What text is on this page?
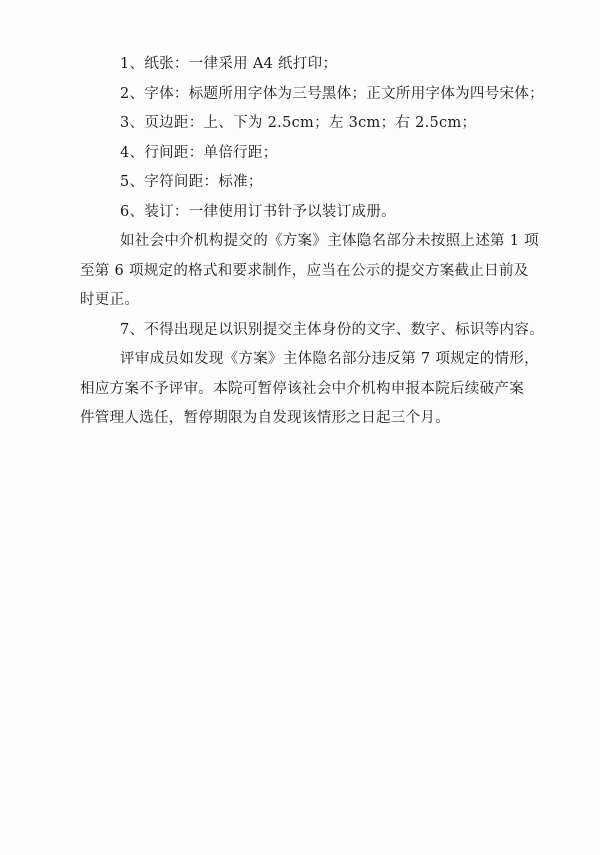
1、纸张：一律采用 A4 纸打印；
2、字体：标题所用字体为三号黑体；正文所用字体为四号宋体；
3、页边距：上、下为 2.5cm；左 3cm；右 2.5cm；
4、行间距：单倍行距；
5、字符间距：标准；
6、装订：一律使用订书针予以装订成册。
如社会中介机构提交的《方案》主体隐名部分未按照上述第 1 项
至第 6 项规定的格式和要求制作，应当在公示的提交方案截止日前及
时更正。
7、不得出现足以识别提交主体身份的文字、数字、标识等内容。
评审成员如发现《方案》主体隐名部分违反第 7 项规定的情形，
相应方案不予评审。本院可暂停该社会中介机构申报本院后续破产案
件管理人选任，暂停期限为自发现该情形之日起三个月。
